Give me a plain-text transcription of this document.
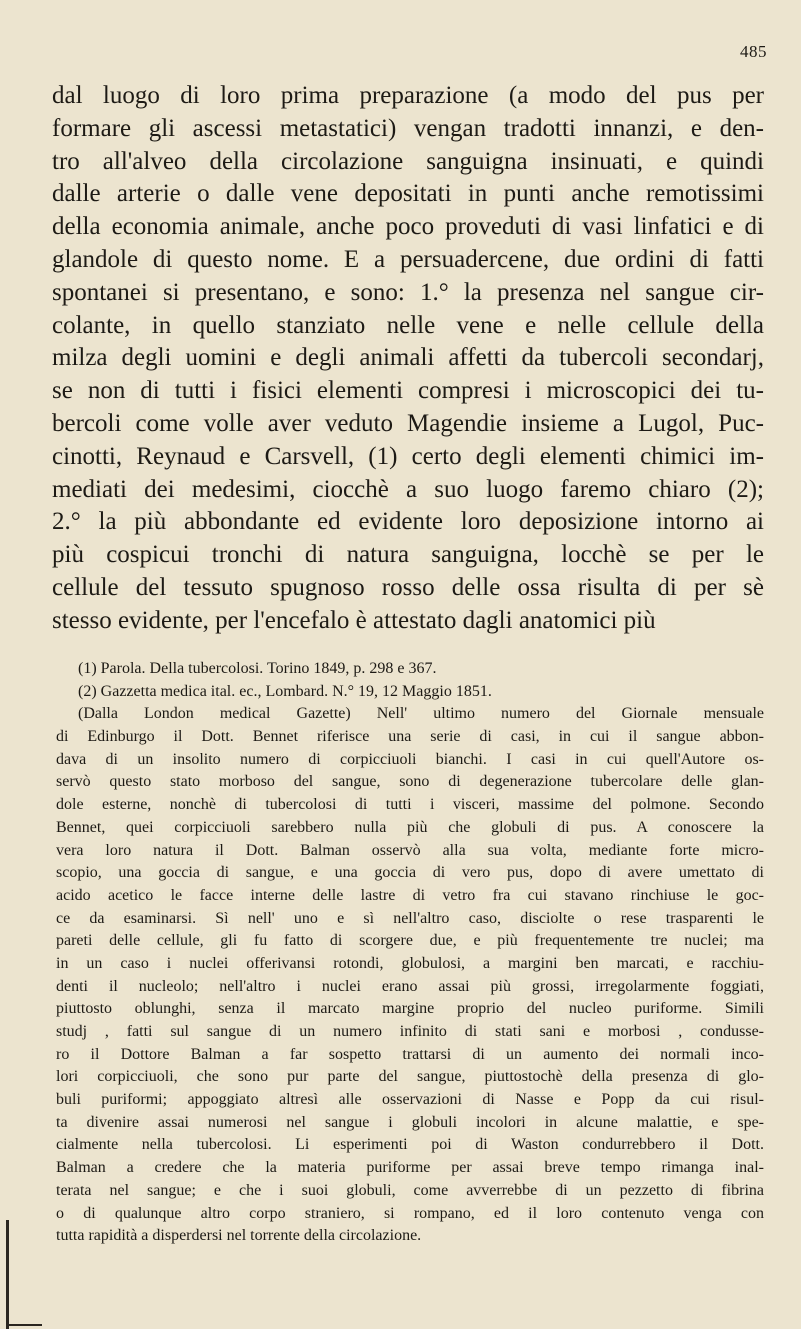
485
dal luogo di loro prima preparazione (a modo del pus per
formare gli ascessi metastatici) vengan tradotti innanzi, e den-
tro all'alveo della circolazione sanguigna insinuati, e quindi
dalle arterie o dalle vene depositati in punti anche remotissimi
della economia animale, anche poco proveduti di vasi linfatici e di
glandole di questo nome. E a persuadercene, due ordini di fatti
spontanei si presentano, e sono: 1.° la presenza nel sangue cir-
colante, in quello stanziato nelle vene e nelle cellule della
milza degli uomini e degli animali affetti da tubercoli secondarj,
se non di tutti i fisici elementi compresi i microscopici dei tu-
bercoli come volle aver veduto Magendie insieme a Lugol, Puc-
cinotti, Reynaud e Carsvell, (1) certo degli elementi chimici im-
mediati dei medesimi, ciocchè a suo luogo faremo chiaro (2);
2.° la più abbondante ed evidente loro deposizione intorno ai
più cospicui tronchi di natura sanguigna, locchè se per le
cellule del tessuto spugnoso rosso delle ossa risulta di per sè
stesso evidente, per l'encefalo è attestato dagli anatomici più
(1) Parola. Della tubercolosi. Torino 1849, p. 298 e 367.
(2) Gazzetta medica ital. ec., Lombard. N.° 19, 12 Maggio 1851.
(Dalla London medical Gazette) Nell' ultimo numero del Giornale mensuale
di Edinburgo il Dott. Bennet riferisce una serie di casi, in cui il sangue abbon-
dava di un insolito numero di corpicciuoli bianchi. I casi in cui quell'Autore os-
servò questo stato morboso del sangue, sono di degenerazione tubercolare delle glan-
dole esterne, nonchè di tubercolosi di tutti i visceri, massime del polmone. Secondo
Bennet, quei corpicciuoli sarebbero nulla più che globuli di pus. A conoscere la
vera loro natura il Dott. Balman osservò alla sua volta, mediante forte micro-
scopio, una goccia di sangue, e una goccia di vero pus, dopo di avere umettato di
acido acetico le facce interne delle lastre di vetro fra cui stavano rinchiuse le goc-
ce da esaminarsi. Sì nell' uno e sì nell'altro caso, disciolte o rese trasparenti le
pareti delle cellule, gli fu fatto di scorgere due, e più frequentemente tre nuclei; ma
in un caso i nuclei offerivansi rotondi, globulosi, a margini ben marcati, e racchiu-
denti il nucleolo; nell'altro i nuclei erano assai più grossi, irregolarmente foggiati,
piuttosto oblunghi, senza il marcato margine proprio del nucleo puriforme. Simili
studj , fatti sul sangue di un numero infinito di stati sani e morbosi , condusse-
ro il Dottore Balman a far sospetto trattarsi di un aumento dei normali inco-
lori corpicciuoli, che sono pur parte del sangue, piuttostochè della presenza di glo-
buli puriformi; appoggiato altresì alle osservazioni di Nasse e Popp da cui risul-
ta divenire assai numerosi nel sangue i globuli incolori in alcune malattie, e spe-
cialmente nella tubercolosi. Li esperimenti poi di Waston condurrebbero il Dott.
Balman a credere che la materia puriforme per assai breve tempo rimanga inal-
terata nel sangue; e che i suoi globuli, come avverrebbe di un pezzetto di fibrina
o di qualunque altro corpo straniero, si rompano, ed il loro contenuto venga con
tutta rapidità a disperdersi nel torrente della circolazione.
